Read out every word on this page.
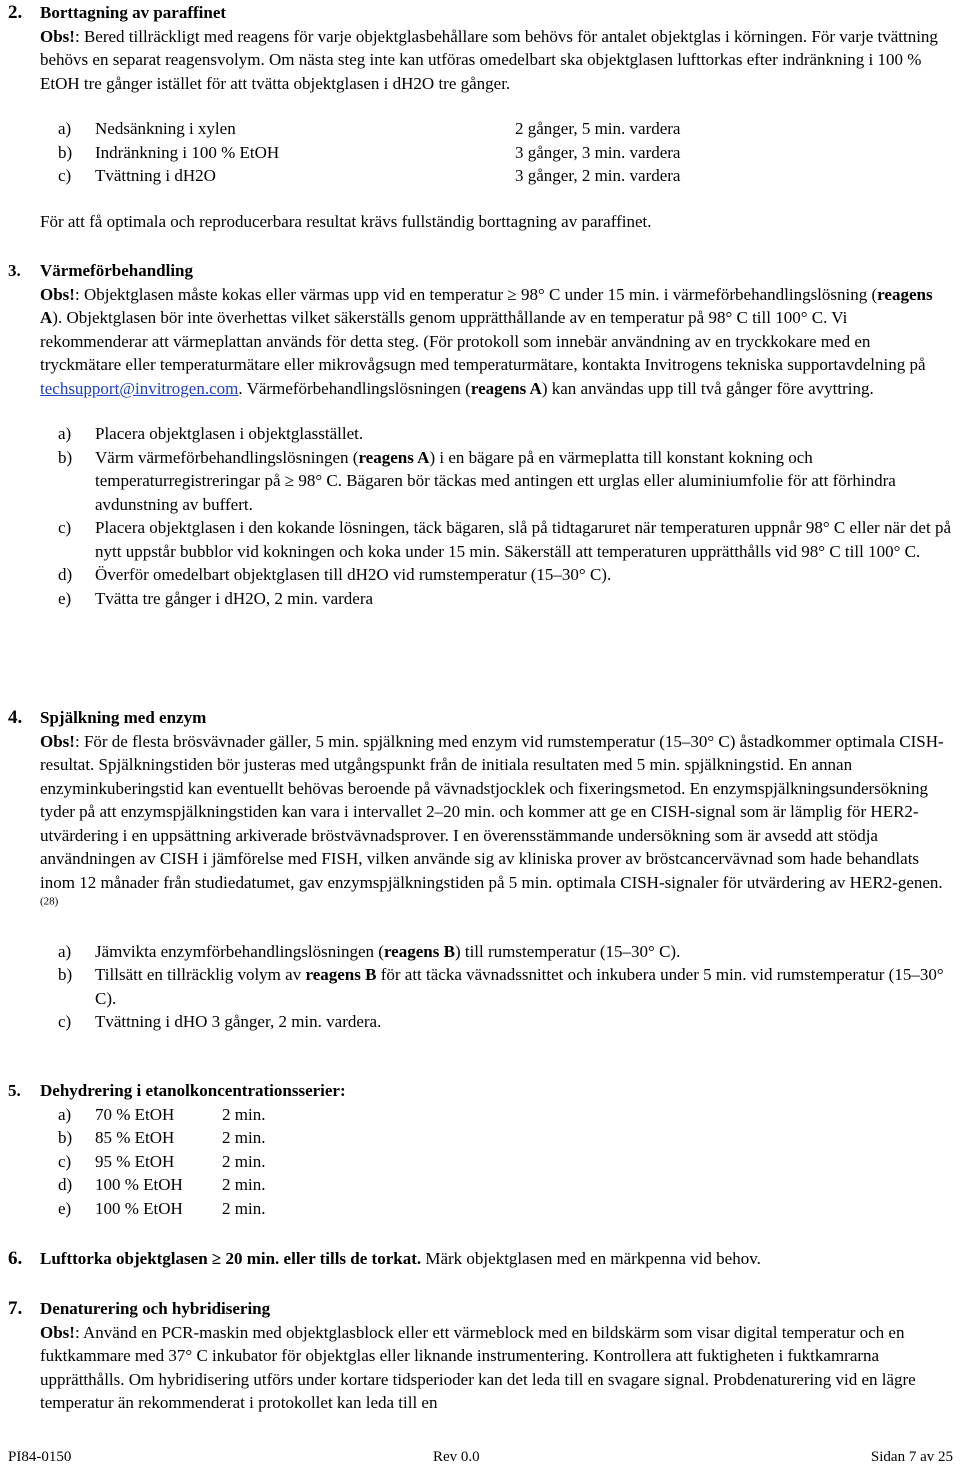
2.	Borttagning av paraffinet
Obs!: Bered tillräckligt med reagens för varje objektglasbehållare som behövs för antalet objektglas i körningen. För varje tvättning behövs en separat reagensvolym. Om nästa steg inte kan utföras omedelbart ska objektglasen lufttorkas efter indränkning i 100 % EtOH tre gånger istället för att tvätta objektglasen i dH2O tre gånger.
a) Nedsänkning i xylen	2 gånger, 5 min. vardera
b) Indränkning i 100 % EtOH	3 gånger, 3 min. vardera
c) Tvättning i dH2O	3 gånger, 2 min. vardera
För att få optimala och reproducerbara resultat krävs fullständig borttagning av paraffinet.
3.	Värmeförbehandling
Obs!: Objektglasen måste kokas eller värmas upp vid en temperatur ≥ 98° C under 15 min. i värmeförbehandlingslösning (reagens A). Objektglasen bör inte överhettas vilket säkerställs genom upprätthållande av en temperatur på 98° C till 100° C. Vi rekommenderar att värmeplattan används för detta steg. (För protokoll som innebär användning av en tryckkokare med en tryckmätare eller temperaturmätare eller mikrovågsugn med temperaturmätare, kontakta Invitrogens tekniska supportavdelning på techsupport@invitrogen.com. Värmeförbehandlingslösningen (reagens A) kan användas upp till två gånger före avyttring.
a) Placera objektglasen i objektglasstället.
b) Värm värmeförbehandlingslösningen (reagens A) i en bägare på en värmeplatta till konstant kokning och temperaturregistreringar på ≥ 98° C. Bägaren bör täckas med antingen ett urglas eller aluminiumfolie för att förhindra avdunstning av buffert.
c) Placera objektglasen i den kokande lösningen, täck bägaren, slå på tidtagaruret när temperaturen uppnår 98° C eller när det på nytt uppstår bubblor vid kokningen och koka under 15 min. Säkerställ att temperaturen upprätthålls vid 98° C till 100° C.
d) Överför omedelbart objektglasen till dH2O vid rumstemperatur (15–30° C).
e) Tvätta tre gånger i dH2O, 2 min. vardera
4.	Spjälkning med enzym
Obs!: För de flesta brösvävnader gäller, 5 min. spjälkning med enzym vid rumstemperatur (15–30° C) åstadkommer optimala CISH-resultat. Spjälkningstiden bör justeras med utgångspunkt från de initiala resultaten med 5 min. spjälkningstid. En annan enzyminkuberingstid kan eventuellt behövas beroende på vävnadstjocklek och fixeringsmetod. En enzymspjälkningsundersökning tyder på att enzymspjälkningstiden kan vara i intervallet 2–20 min. och kommer att ge en CISH-signal som är lämplig för HER2-utvärdering i en uppsättning arkiverade bröstvävnadsprover. I en överensstämmande undersökning som är avsedd att stödja användningen av CISH i jämförelse med FISH, vilken använde sig av kliniska prover av bröstcancervävnad som hade behandlats inom 12 månader från studiedatumet, gav enzymspjälkningstiden på 5 min. optimala CISH-signaler för utvärdering av HER2-genen. $^{(28)}$
a) Jämvikta enzymförbehandlingslösningen (reagens B) till rumstemperatur (15–30° C).
b) Tillsätt en tillräcklig volym av reagens B för att täcka vävnadssnittet och inkubera under 5 min. vid rumstemperatur (15–30° C).
c) Tvättning i dHO 3 gånger, 2 min. vardera.
5.	Dehydrering i etanolkoncentrationsserier:
a) 70 % EtOH	2 min.
b) 85 % EtOH	2 min.
c) 95 % EtOH	2 min.
d) 100 % EtOH 2 min.
e) 100 % EtOH 2 min.
6.	Lufttorka objektglasen ≥ 20 min. eller tills de torkat. Märk objektglasen med en märkpenna vid behov.
7.	Denaturering och hybridisering
Obs!: Använd en PCR-maskin med objektglasblock eller ett värmeblock med en bildskärm som visar digital temperatur och en fuktkammare med 37° C inkubator för objektglas eller liknande instrumentering. Kontrollera att fuktigheten i fuktkamrarna upprätthålls. Om hybridisering utförs under kortare tidsperioder kan det leda till en svagare signal. Probdenaturering vid en lägre temperatur än rekommenderat i protokollet kan leda till en
PI84-0150	Rev 0.0	Sidan 7 av 25
